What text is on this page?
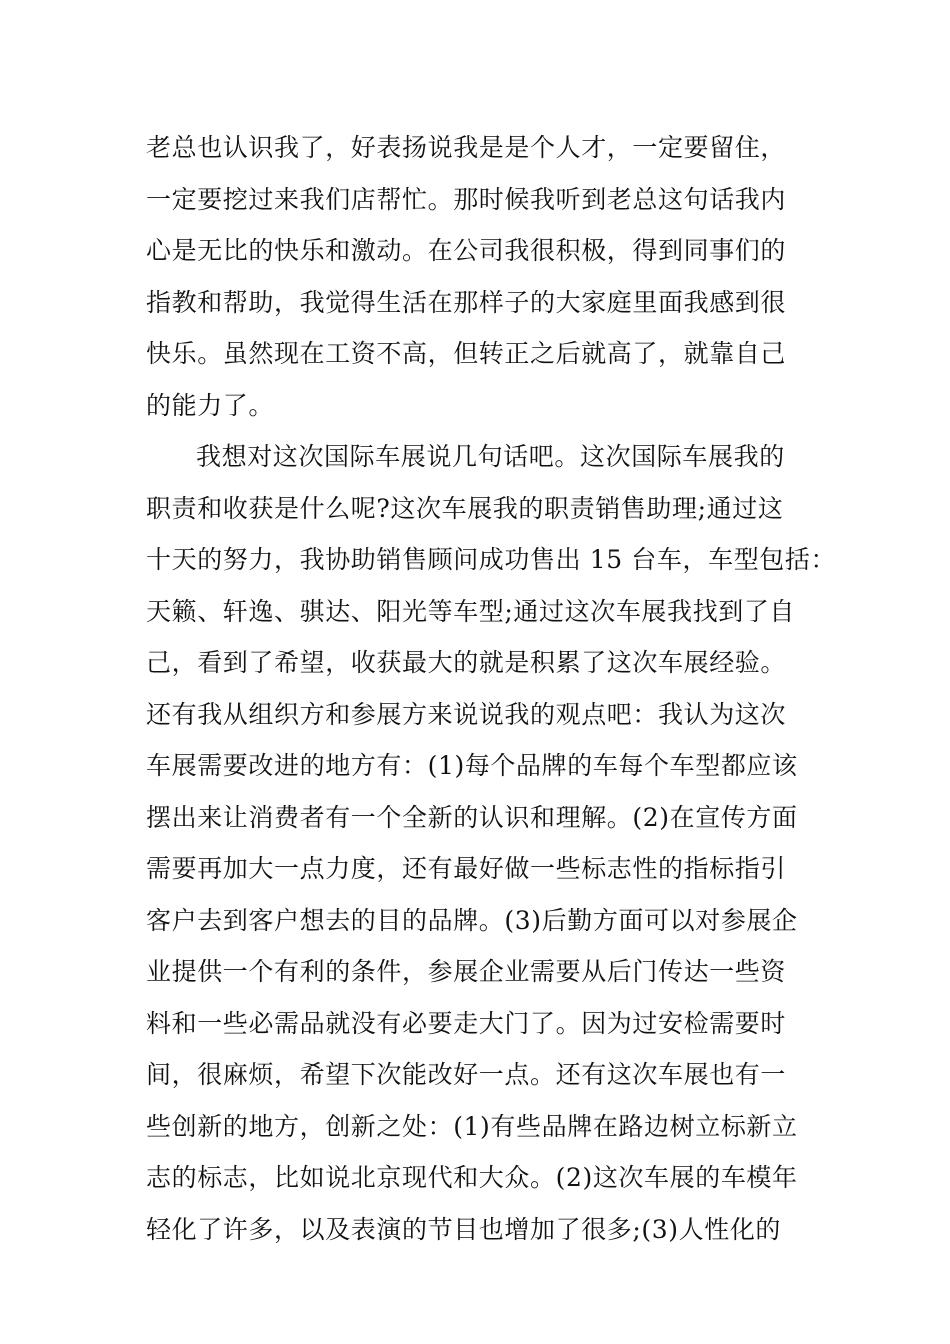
老总也认识我了，好表扬说我是是个人才，一定要留住，
一定要挖过来我们店帮忙。那时候我听到老总这句话我内
心是无比的快乐和激动。在公司我很积极，得到同事们的
指教和帮助，我觉得生活在那样子的大家庭里面我感到很
快乐。虽然现在工资不高，但转正之后就高了，就靠自己
的能力了。
我想对这次国际车展说几句话吧。这次国际车展我的
职责和收获是什么呢?这次车展我的职责销售助理;通过这
十天的努力，我协助销售顾问成功售出 15 台车，车型包括：
天籁、轩逸、骐达、阳光等车型;通过这次车展我找到了自
己，看到了希望，收获最大的就是积累了这次车展经验。
还有我从组织方和参展方来说说我的观点吧：我认为这次
车展需要改进的地方有：(1)每个品牌的车每个车型都应该
摆出来让消费者有一个全新的认识和理解。(2)在宣传方面
需要再加大一点力度，还有最好做一些标志性的指标指引
客户去到客户想去的目的品牌。(3)后勤方面可以对参展企
业提供一个有利的条件，参展企业需要从后门传达一些资
料和一些必需品就没有必要走大门了。因为过安检需要时
间，很麻烦，希望下次能改好一点。还有这次车展也有一
些创新的地方，创新之处：(1)有些品牌在路边树立标新立
志的标志，比如说北京现代和大众。(2)这次车展的车模年
轻化了许多，以及表演的节目也增加了很多;(3)人性化的
